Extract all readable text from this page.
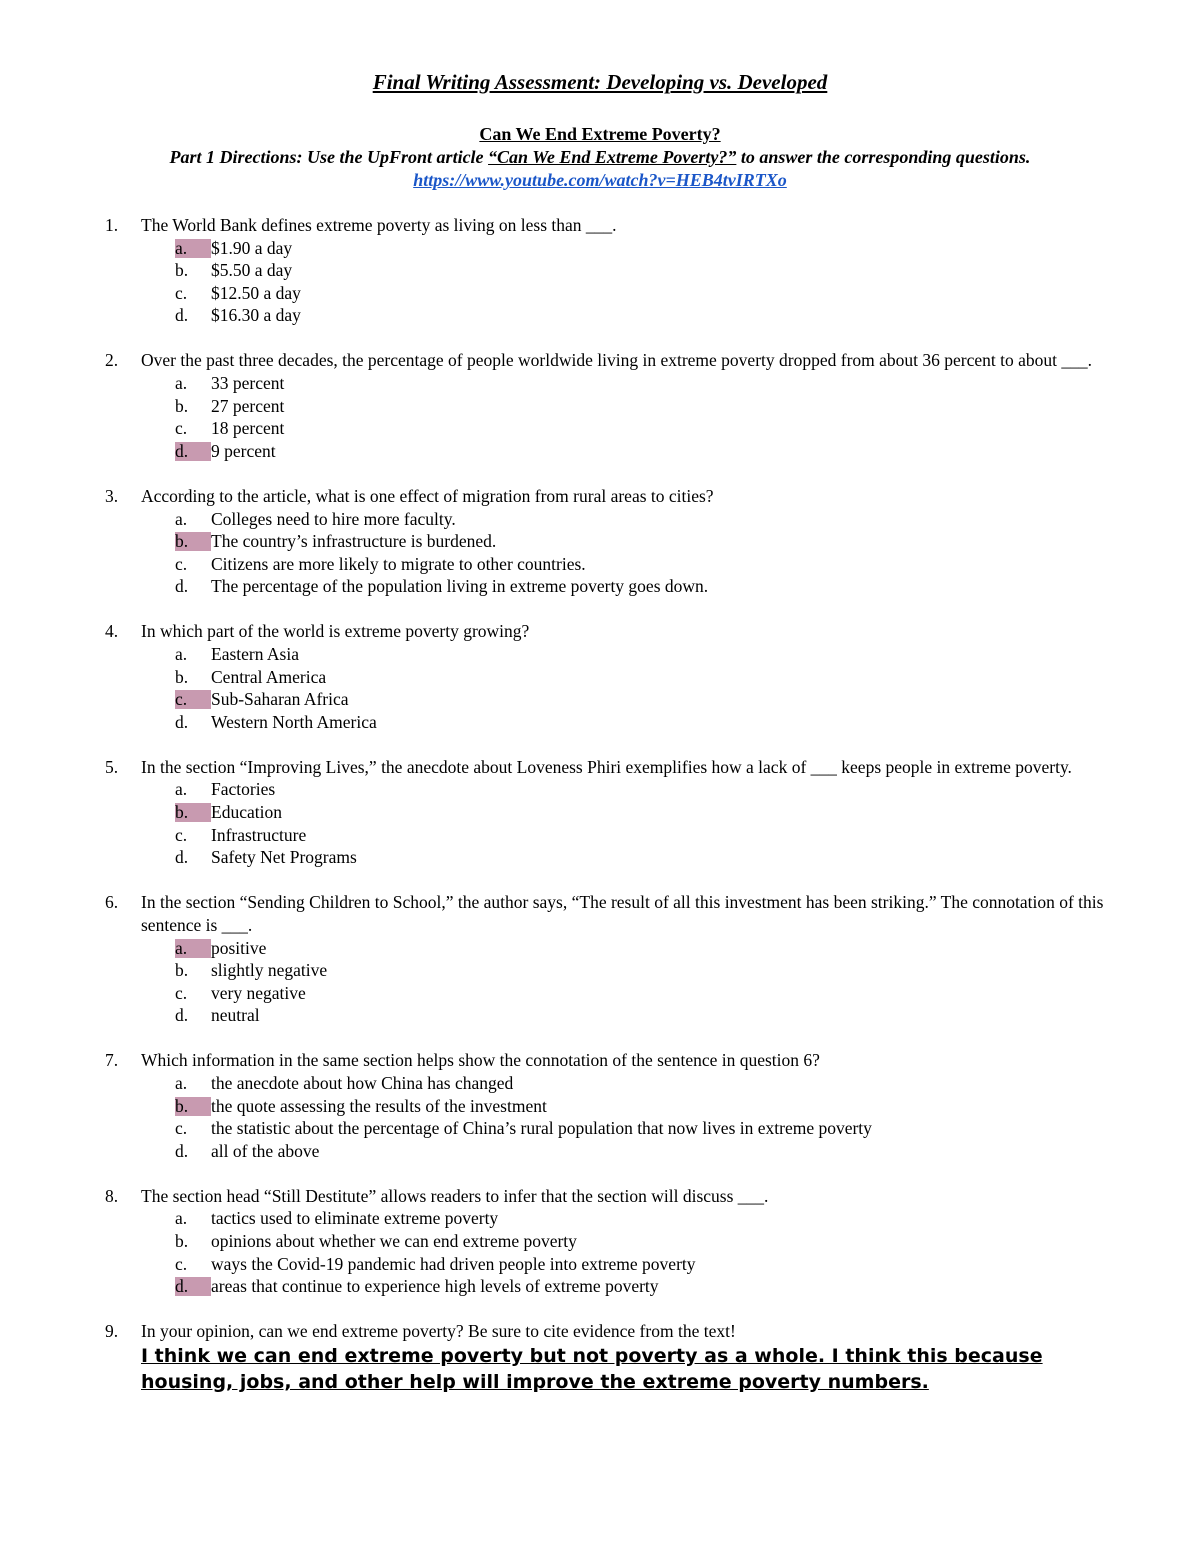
Final Writing Assessment: Developing vs. Developed
Can We End Extreme Poverty?
Part 1 Directions: Use the UpFront article “Can We End Extreme Poverty?” to answer the corresponding questions.
https://www.youtube.com/watch?v=HEB4tvIRTXo
1. The World Bank defines extreme poverty as living on less than ___.
a.	$1.90 a day
b.	$5.50 a day
c.	$12.50 a day
d.	$16.30 a day
2. Over the past three decades, the percentage of people worldwide living in extreme poverty dropped from about 36 percent to about ___.
a.	33 percent
b.	27 percent
c.	18 percent
d.	9 percent
3. According to the article, what is one effect of migration from rural areas to cities?
a.	Colleges need to hire more faculty.
b.	The country’s infrastructure is burdened.
c.	Citizens are more likely to migrate to other countries.
d.	The percentage of the population living in extreme poverty goes down.
4. In which part of the world is extreme poverty growing?
a.	Eastern Asia
b.	Central America
c.	Sub-Saharan Africa
d.	Western North America
5. In the section “Improving Lives,” the anecdote about Loveness Phiri exemplifies how a lack of ___ keeps people in extreme poverty.
a.	Factories
b.	Education
c.	Infrastructure
d.	Safety Net Programs
6. In the section “Sending Children to School,” the author says, “The result of all this investment has been striking.” The connotation of this sentence is ___.
a.	positive
b.	slightly negative
c.	very negative
d.	neutral
7. Which information in the same section helps show the connotation of the sentence in question 6?
a.	the anecdote about how China has changed
b.	the quote assessing the results of the investment
c.	the statistic about the percentage of China’s rural population that now lives in extreme poverty
d.	all of the above
8. The section head “Still Destitute” allows readers to infer that the section will discuss ___.
a.	tactics used to eliminate extreme poverty
b.	opinions about whether we can end extreme poverty
c.	ways the Covid-19 pandemic had driven people into extreme poverty
d.	areas that continue to experience high levels of extreme poverty
9. In your opinion, can we end extreme poverty? Be sure to cite evidence from the text!
I think we can end extreme poverty but not poverty as a whole. I think this because housing, jobs, and other help will improve the extreme poverty numbers.
